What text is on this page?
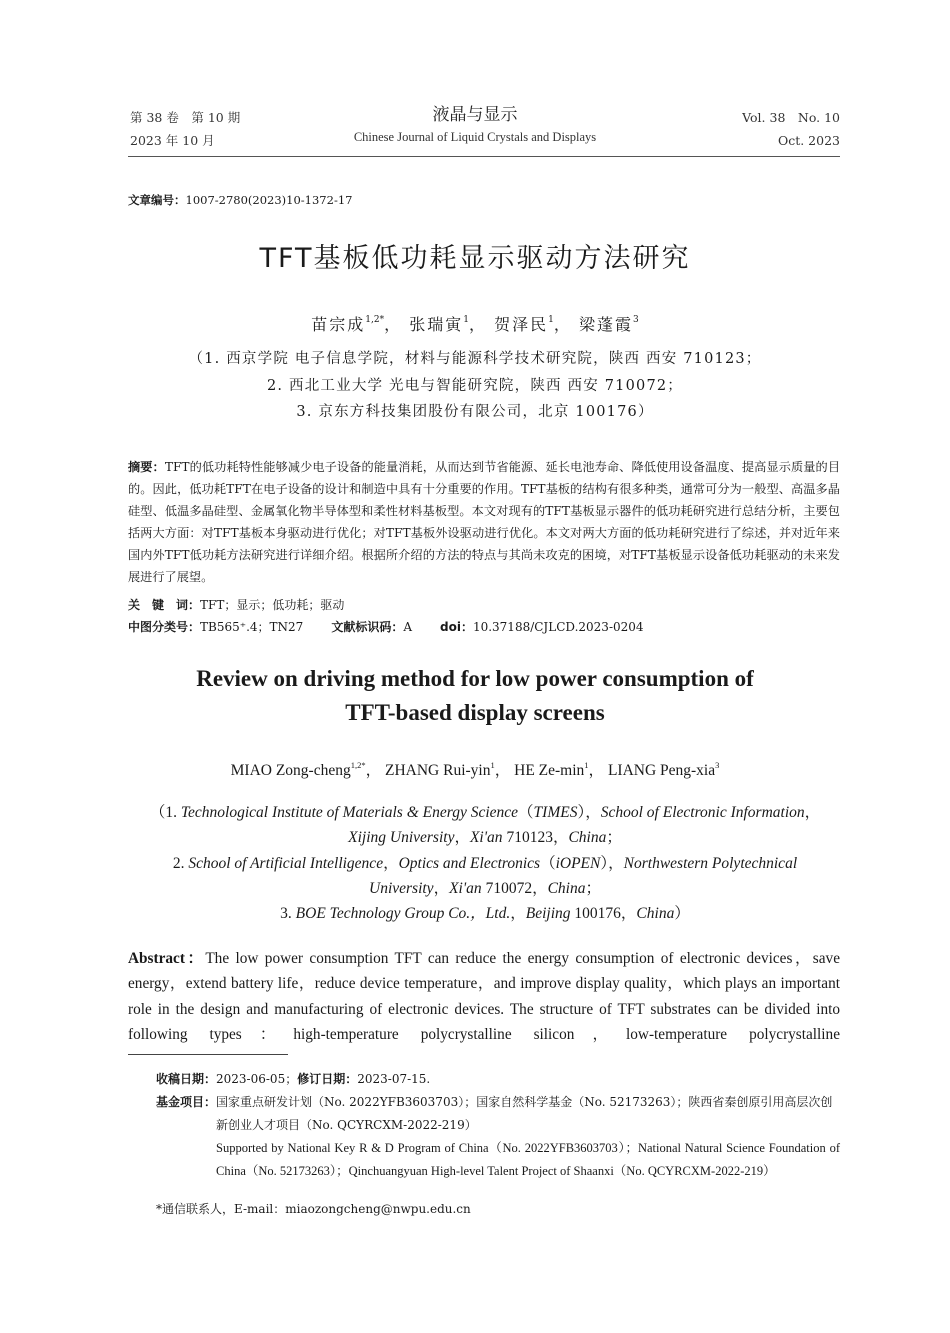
第 38 卷　第 10 期
2023 年 10 月
液晶与显示
Chinese Journal of Liquid Crystals and Displays
Vol. 38　No. 10
Oct. 2023
文章编号：1007-2780(2023)10-1372-17
TFT基板低功耗显示驱动方法研究
苗宗成$^{1,2*}$， 张瑞寅$^1$， 贺泽民$^1$， 梁蓬霞$^3$
（1. 西京学院 电子信息学院，材料与能源科学技术研究院，陕西 西安 710123；
2. 西北工业大学 光电与智能研究院，陕西 西安 710072；
3. 京东方科技集团股份有限公司，北京 100176）
摘要：TFT的低功耗特性能够减少电子设备的能量消耗，从而达到节省能源、延长电池寿命、降低使用设备温度、提高显示质量的目的。因此，低功耗TFT在电子设备的设计和制造中具有十分重要的作用。TFT基板的结构有很多种类，通常可分为一般型、高温多晶硅型、低温多晶硅型、金属氧化物半导体型和柔性材料基板型。本文对现有的TFT基板显示器件的低功耗研究进行总结分析，主要包括两大方面：对TFT基板本身驱动进行优化；对TFT基板外设驱动进行优化。本文对两大方面的低功耗研究进行了综述，并对近年来国内外TFT低功耗方法研究进行详细介绍。根据所介绍的方法的特点与其尚未攻克的困境，对TFT基板显示设备低功耗驱动的未来发展进行了展望。
关　键　词：TFT；显示；低功耗；驱动
中图分类号：TB565⁺.4；TN27 文献标识码：A doi：10.37188/CJLCD.2023-0204
Review on driving method for low power consumption of
TFT-based display screens
MIAO Zong-cheng$^{1,2*}$， ZHANG Rui-yin$^1$， HE $Ze-\min^1$， LIANG Peng-xia$^3$
（1. Technological Institute of Materials & Energy Science（TIMES），School of Electronic Information，
Xijing University，Xi'an 710123，China；
2. School of Artificial Intelligence，Optics and Electronics（iOPEN），Northwestern Polytechnical
University，Xi'an 710072，China；
3. BOE Technology Group Co.，Ltd.，Beijing 100176，China）
Abstract：The low power consumption TFT can reduce the energy consumption of electronic devices，save energy，extend battery life，reduce device temperature，and improve display quality，which plays an important role in the design and manufacturing of electronic devices. The structure of TFT substrates can be divided into following types：high-temperature polycrystalline silicon，low-temperature polycrystalline
收稿日期： 2023-06-05；修订日期：2023-07-15.
基金项目： 国家重点研发计划（No. 2022YFB3603703）；国家自然科学基金（No. 52173263）；陕西省秦创原引用高层次创新创业人才项目（No. QCYRCXM-2022-219）
Supported by National Key R & D Program of China（No. 2022YFB3603703）；National Natural Science Foundation of China（No. 52173263）；Qinchuangyuan High-level Talent Project of Shaanxi（No. QCYRCXM-2022-219）
*通信联系人，E-mail：miaozongcheng@nwpu.edu.cn
